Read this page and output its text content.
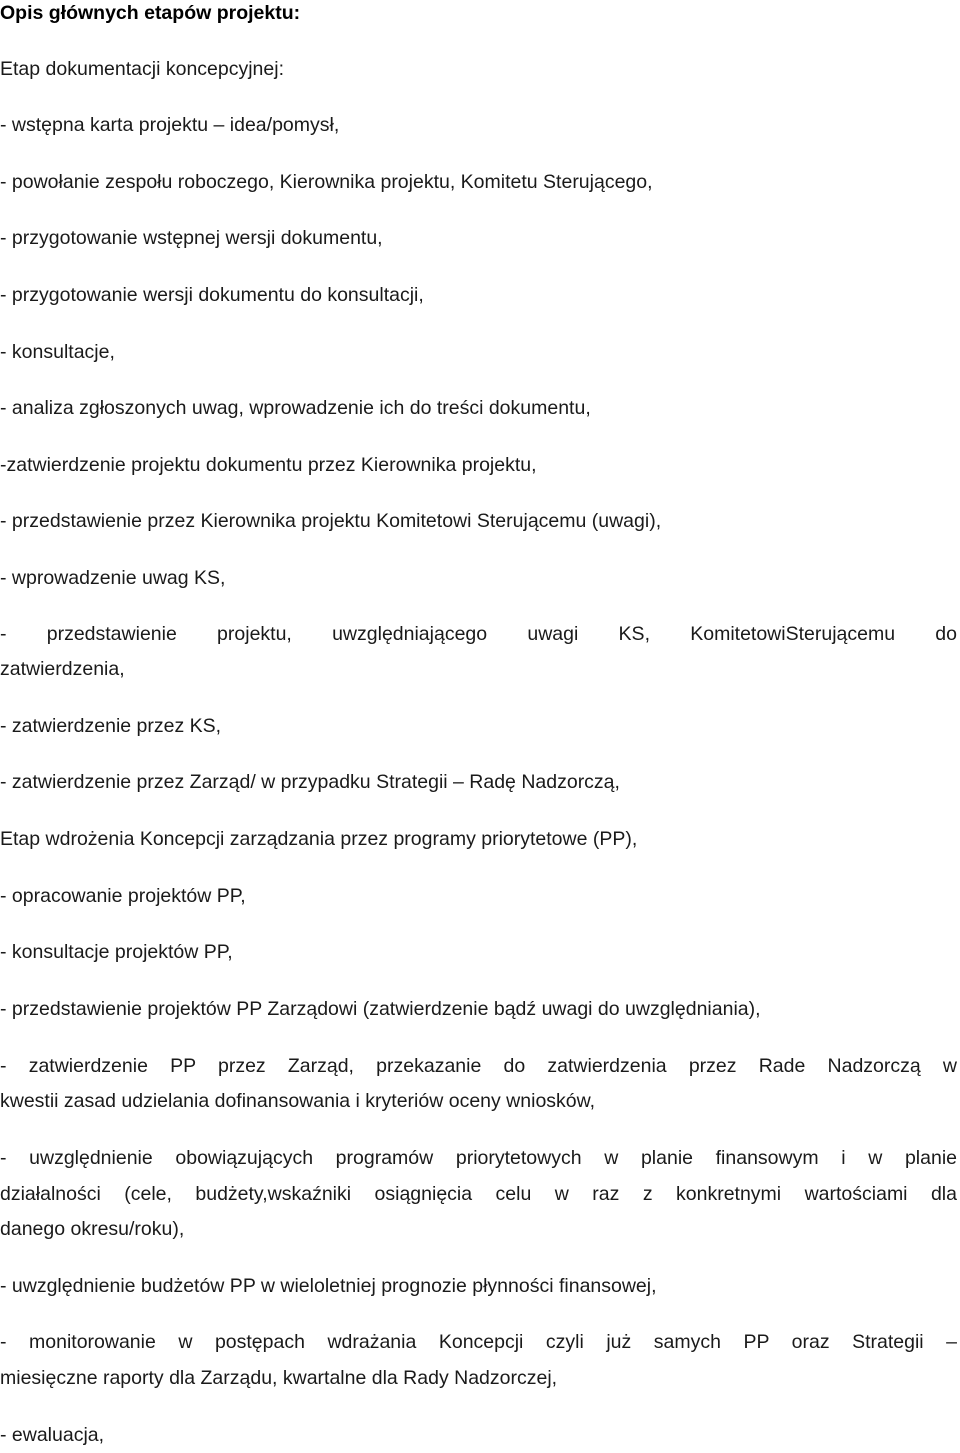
Opis głównych etapów projektu:

Etap dokumentacji koncepcyjnej:

- wstępna karta projektu – idea/pomysł,

- powołanie zespołu roboczego, Kierownika projektu, Komitetu Sterującego,

- przygotowanie wstępnej wersji dokumentu,

- przygotowanie wersji dokumentu do konsultacji,

- konsultacje,

- analiza zgłoszonych uwag, wprowadzenie ich do treści dokumentu,

-zatwierdzenie projektu dokumentu przez Kierownika projektu,

- przedstawienie przez Kierownika projektu Komitetowi Sterującemu (uwagi),

- wprowadzenie uwag KS,

- przedstawienie projektu, uwzględniającego uwagi KS, KomitetowiSterującemu do

zatwierdzenia,

- zatwierdzenie przez KS,

- zatwierdzenie przez Zarząd/ w przypadku Strategii – Radę Nadzorczą,

Etap wdrożenia Koncepcji zarządzania przez programy priorytetowe (PP),

- opracowanie projektów PP,

- konsultacje projektów PP,

- przedstawienie projektów PP Zarządowi (zatwierdzenie bądź uwagi do uwzględniania),

- zatwierdzenie PP przez Zarząd, przekazanie do zatwierdzenia przez Rade Nadzorczą w

kwestii zasad udzielania dofinansowania i kryteriów oceny wniosków,

- uwzględnienie obowiązujących programów priorytetowych w planie finansowym i w planie

działalności (cele, budżety,wskaźniki osiągnięcia celu w raz z konkretnymi wartościami dla

danego okresu/roku),

- uwzględnienie budżetów PP w wieloletniej prognozie płynności finansowej,

- monitorowanie w postępach wdrażania Koncepcji czyli już samych PP oraz Strategii –

miesięczne raporty dla Zarządu, kwartalne dla Rady Nadzorczej,

- ewaluacja,
